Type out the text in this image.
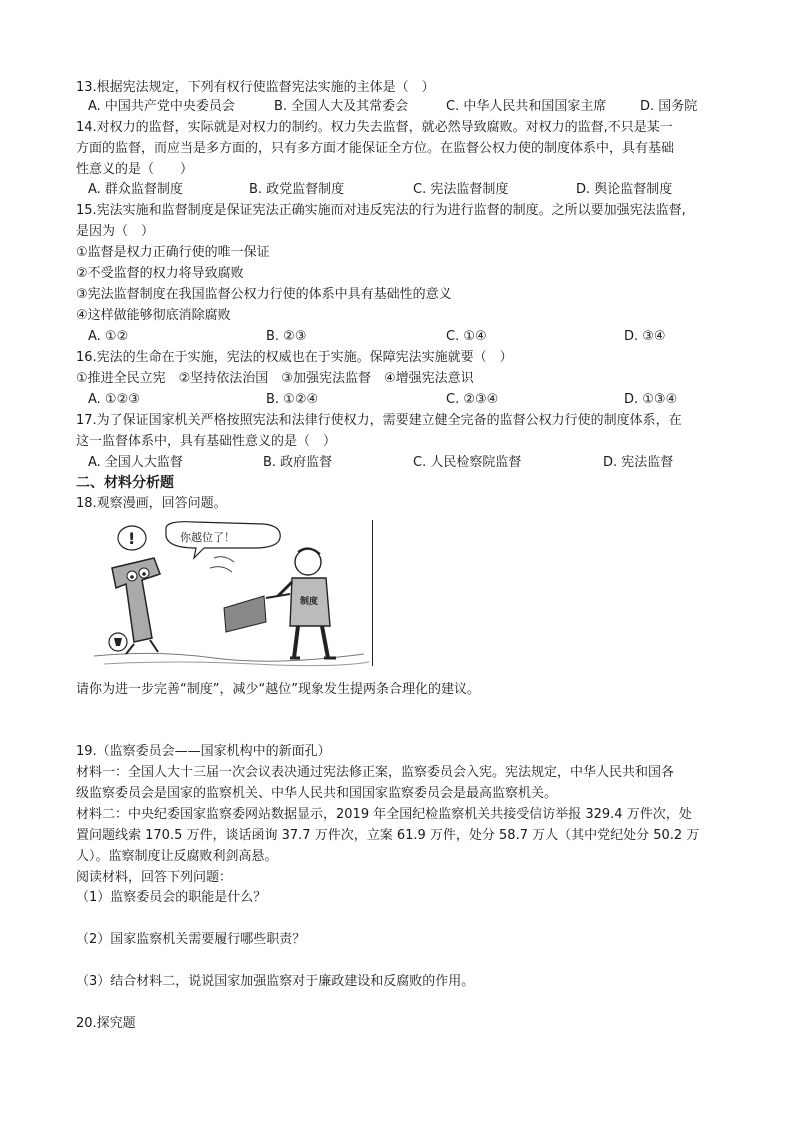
13.根据宪法规定，下列有权行使监督宪法实施的主体是（　）
A. 中国共产党中央委员会	B. 全国人大及其常委会	C. 中华人民共和国国家主席	D. 国务院
14.对权力的监督，实际就是对权力的制约。权力失去监督，就必然导致腐败。对权力的监督,不只是某一
方面的监督，而应当是多方面的，只有多方面才能保证全方位。在监督公权力使的制度体系中，具有基础
性意义的是（　　）
A. 群众监督制度	B. 政党监督制度	C. 宪法监督制度	D. 舆论监督制度
15.宪法实施和监督制度是保证宪法正确实施而对违反宪法的行为进行监督的制度。之所以要加强宪法监督,
是因为（　）
①监督是权力正确行使的唯一保证
②不受监督的权力将导致腐败
③宪法监督制度在我国监督公权力行使的体系中具有基础性的意义
④这样做能够彻底消除腐败
A. ①②	B. ②③	C. ①④	D. ③④
16.宪法的生命在于实施，宪法的权威也在于实施。保障宪法实施就要（　）
①推进全民立宪　②坚持依法治国　③加强宪法监督　④增强宪法意识
A. ①②③	B. ①②④	C. ②③④	D. ①③④
17.为了保证国家机关严格按照宪法和法律行使权力，需要建立健全完备的监督公权力行使的制度体系，在
这一监督体系中，具有基础性意义的是（　）
A. 全国人大监督	B. 政府监督	C. 人民检察院监督	D. 宪法监督
二、材料分析题
18.观察漫画，回答问题。
!	你越位了！
制度
请你为进一步完善“制度”，减少“越位”现象发生提两条合理化的建议。
19.（监察委员会——国家机构中的新面孔）
材料一：全国人大十三届一次会议表决通过宪法修正案，监察委员会入宪。宪法规定，中华人民共和国各
级监察委员会是国家的监察机关、中华人民共和国国家监察委员会是最高监察机关。
材料二：中央纪委国家监察委网站数据显示，2019 年全国纪检监察机关共接受信访举报 329.4 万件次，处
置问题线索 170.5 万件，谈话函询 37.7 万件次，立案 61.9 万件，处分 58.7 万人（其中党纪处分 50.2 万
人）。监察制度让反腐败利剑高悬。
阅读材料，回答下列问题：
（1）监察委员会的职能是什么？
（2）国家监察机关需要履行哪些职责？
（3）结合材料二，说说国家加强监察对于廉政建设和反腐败的作用。
20.探究题
